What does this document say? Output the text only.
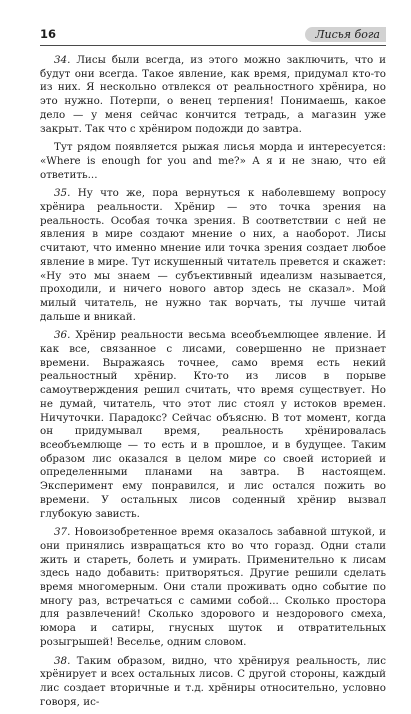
16	Лисья бога

34. Лисы были всегда, из этого можно заключить, что и будут они всегда. Такое явление, как время, придумал кто-то из них. Я нескольно отвлекся от реальностного хрёнира, но это нужно. Потерпи, о венец терпения! Понимаешь, какое дело — у меня сейчас кончится тетрадь, а магазин уже закрыт. Так что с хрёниром подожди до завтра.

Тут рядом появляется рыжая лисья морда и интересуется: «Where is enough for you and me?» А я и не знаю, что ей ответить...

35. Ну что же, пора вернуться к наболевшему вопросу хрёнира реальности. Хрёнир — это точка зрения на реальность. Особая точка зрения. В соответствии с ней не явления в мире создают мнение о них, а наоборот. Лисы считают, что именно мнение или точка зрения создает любое явление в мире. Тут искушенный читатель превется и скажет: «Ну это мы знаем — субъективный идеализм называется, проходили, и ничего нового автор здесь не сказал». Мой милый читатель, не нужно так ворчать, ты лучше читай дальше и вникай.

36. Хрёнир реальности весьма всеобъемлющее явление. И как все, связанное с лисами, совершенно не признает времени. Выражаясь точнее, само время есть некий реальностный хрёнир. Кто-то из лисов в порыве самоутверждения решил считать, что время существует. Но не думай, читатель, что этот лис стоял у истоков времен. Ничуточки. Парадокс? Сейчас объясню. В тот момент, когда он придумывал время, реальность хрёнировалась всеобъемлюще — то есть и в прошлое, и в будущее. Таким образом лис оказался в целом мире со своей историей и определенными планами на завтра. В настоящем. Эксперимент ему понравился, и лис остался пожить во времени. У остальных лисов соденный хрёнир вызвал глубокую зависть.

37. Новоизобретенное время оказалось забавной штукой, и они принялись извращаться кто во что горазд. Одни стали жить и стареть, болеть и умирать. Применительно к лисам здесь надо добавить: притворяться. Другие решили сделать время многомерным. Они стали проживать одно событие по многу раз, встречаться с самими собой... Сколько простора для развлечений! Сколько здорового и нездорового смеха, юмора и сатиры, гнусных шуток и отвратительных розыгрышей! Веселье, одним словом.

38. Таким образом, видно, что хрёнируя реальность, лис хрёнирует и всех остальных лисов. С другой стороны, каждый лис создает вторичные и т.д. хрёниры относительно, условно говоря, ис-
